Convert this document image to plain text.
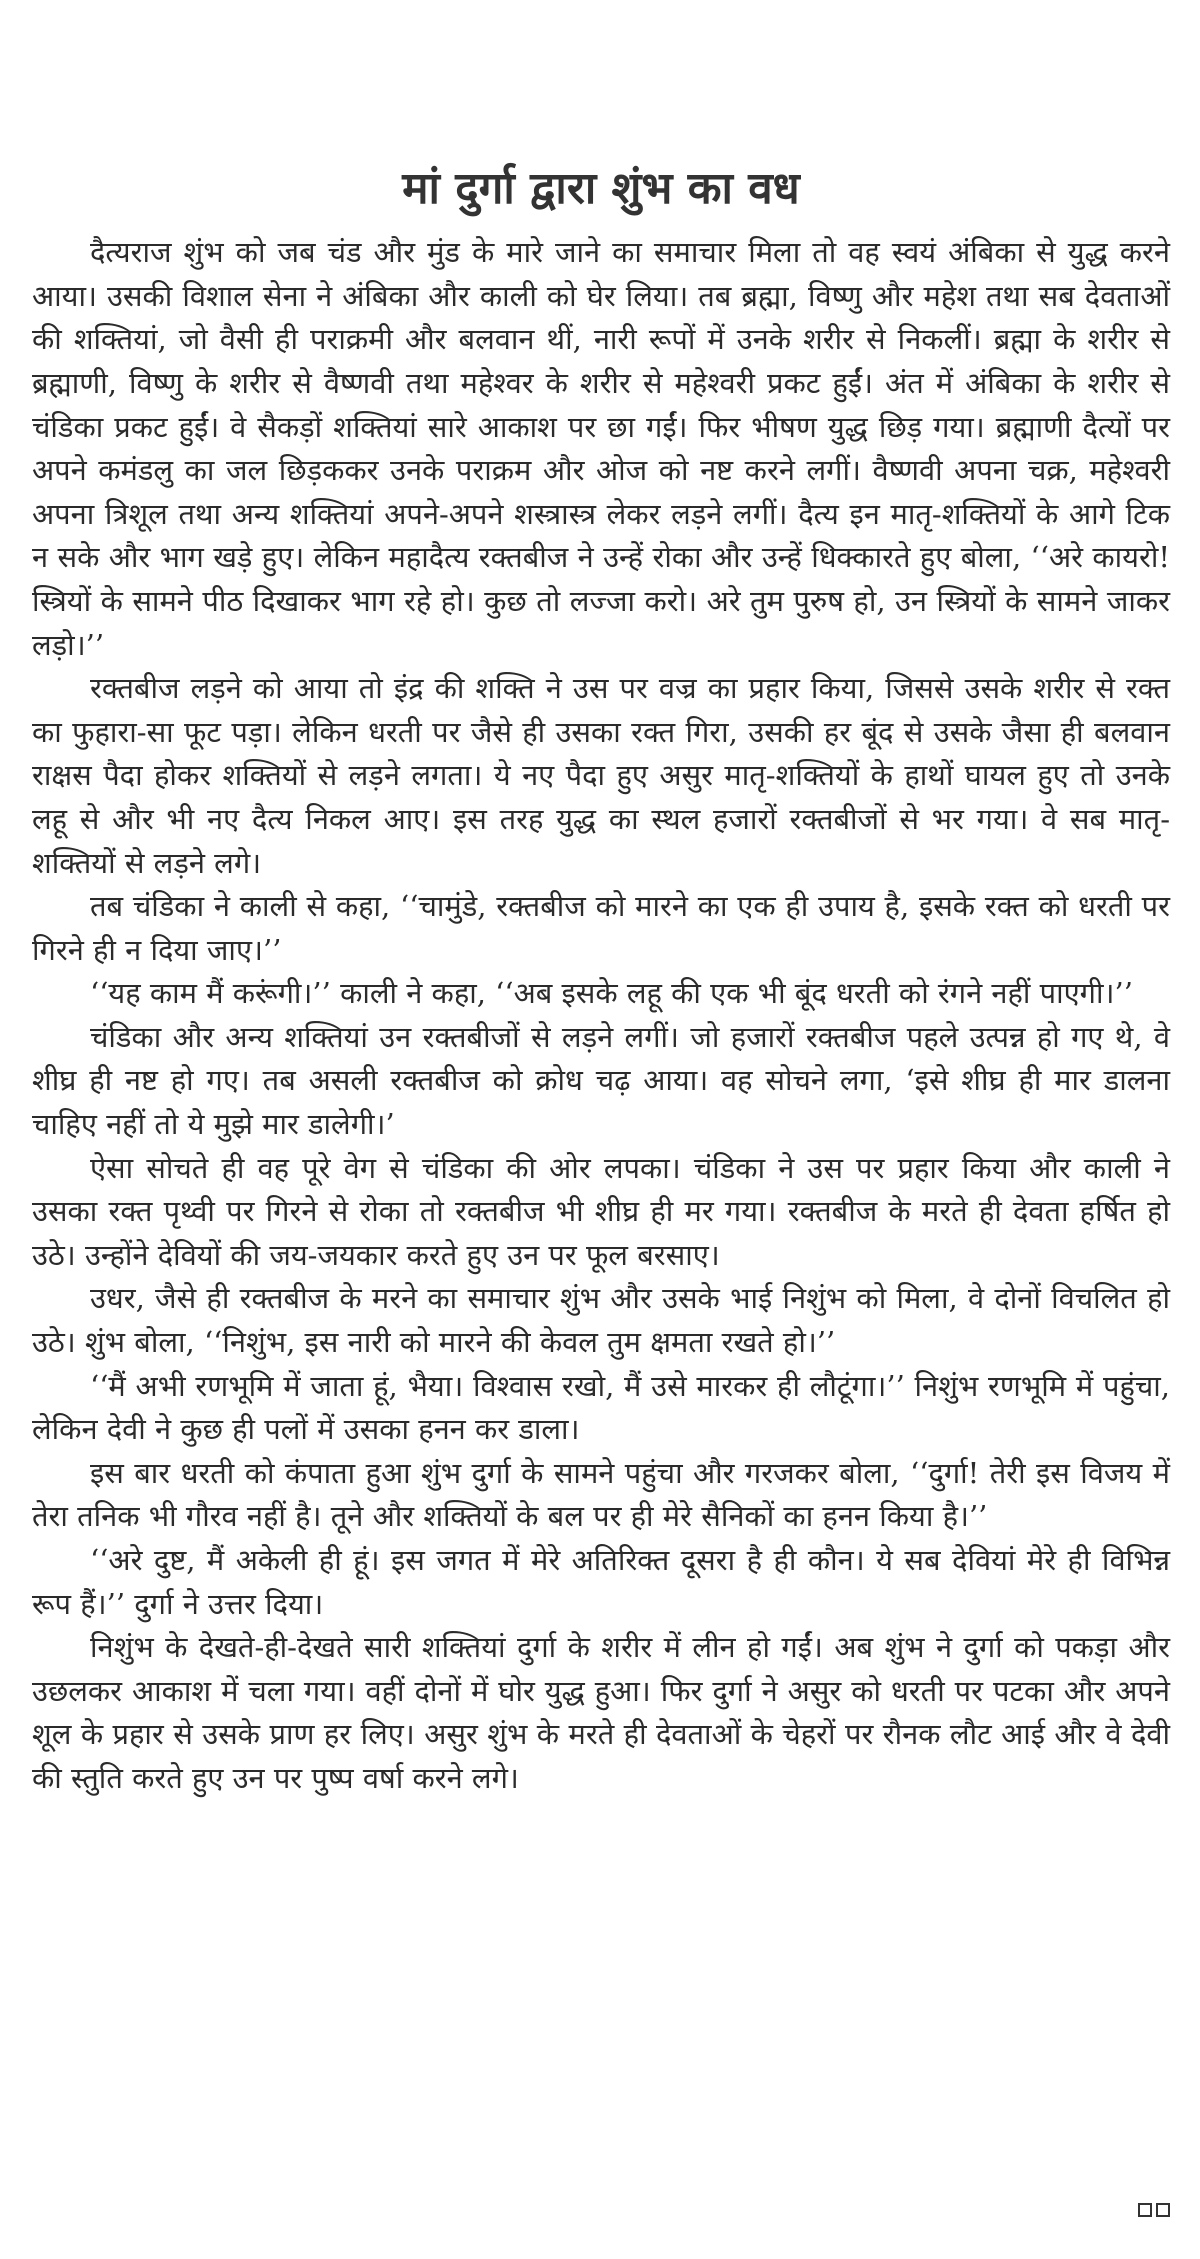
मां दुर्गा द्वारा शुंभ का वध

दैत्यराज शुंभ को जब चंड और मुंड के मारे जाने का समाचार मिला तो वह स्वयं अंबिका से युद्ध करने आया। उसकी विशाल सेना ने अंबिका और काली को घेर लिया। तब ब्रह्मा, विष्णु और महेश तथा सब देवताओं की शक्तियां, जो वैसी ही पराक्रमी और बलवान थीं, नारी रूपों में उनके शरीर से निकलीं। ब्रह्मा के शरीर से ब्रह्माणी, विष्णु के शरीर से वैष्णवी तथा महेश्वर के शरीर से महेश्वरी प्रकट हुईं। अंत में अंबिका के शरीर से चंडिका प्रकट हुईं। वे सैकड़ों शक्तियां सारे आकाश पर छा गईं। फिर भीषण युद्ध छिड़ गया। ब्रह्माणी दैत्यों पर अपने कमंडलु का जल छिड़ककर उनके पराक्रम और ओज को नष्ट करने लगीं। वैष्णवी अपना चक्र, महेश्वरी अपना त्रिशूल तथा अन्य शक्तियां अपने-अपने शस्त्रास्त्र लेकर लड़ने लगीं। दैत्य इन मातृ-शक्तियों के आगे टिक न सके और भाग खड़े हुए। लेकिन महादैत्य रक्तबीज ने उन्हें रोका और उन्हें धिक्कारते हुए बोला, ‘‘अरे कायरो! स्त्रियों के सामने पीठ दिखाकर भाग रहे हो। कुछ तो लज्जा करो। अरे तुम पुरुष हो, उन स्त्रियों के सामने जाकर लड़ो।’’

रक्तबीज लड़ने को आया तो इंद्र की शक्ति ने उस पर वज्र का प्रहार किया, जिससे उसके शरीर से रक्त का फुहारा-सा फूट पड़ा। लेकिन धरती पर जैसे ही उसका रक्त गिरा, उसकी हर बूंद से उसके जैसा ही बलवान राक्षस पैदा होकर शक्तियों से लड़ने लगता। ये नए पैदा हुए असुर मातृ-शक्तियों के हाथों घायल हुए तो उनके लहू से और भी नए दैत्य निकल आए। इस तरह युद्ध का स्थल हजारों रक्तबीजों से भर गया। वे सब मातृ-शक्तियों से लड़ने लगे।

तब चंडिका ने काली से कहा, ‘‘चामुंडे, रक्तबीज को मारने का एक ही उपाय है, इसके रक्त को धरती पर गिरने ही न दिया जाए।’’

‘‘यह काम मैं करूंगी।’’ काली ने कहा, ‘‘अब इसके लहू की एक भी बूंद धरती को रंगने नहीं पाएगी।’’

चंडिका और अन्य शक्तियां उन रक्तबीजों से लड़ने लगीं। जो हजारों रक्तबीज पहले उत्पन्न हो गए थे, वे शीघ्र ही नष्ट हो गए। तब असली रक्तबीज को क्रोध चढ़ आया। वह सोचने लगा, ‘इसे शीघ्र ही मार डालना चाहिए नहीं तो ये मुझे मार डालेगी।’

ऐसा सोचते ही वह पूरे वेग से चंडिका की ओर लपका। चंडिका ने उस पर प्रहार किया और काली ने उसका रक्त पृथ्वी पर गिरने से रोका तो रक्तबीज भी शीघ्र ही मर गया। रक्तबीज के मरते ही देवता हर्षित हो उठे। उन्होंने देवियों की जय-जयकार करते हुए उन पर फूल बरसाए।

उधर, जैसे ही रक्तबीज के मरने का समाचार शुंभ और उसके भाई निशुंभ को मिला, वे दोनों विचलित हो उठे। शुंभ बोला, ‘‘निशुंभ, इस नारी को मारने की केवल तुम क्षमता रखते हो।’’

‘‘मैं अभी रणभूमि में जाता हूं, भैया। विश्वास रखो, मैं उसे मारकर ही लौटूंगा।’’ निशुंभ रणभूमि में पहुंचा, लेकिन देवी ने कुछ ही पलों में उसका हनन कर डाला।

इस बार धरती को कंपाता हुआ शुंभ दुर्गा के सामने पहुंचा और गरजकर बोला, ‘‘दुर्गा! तेरी इस विजय में तेरा तनिक भी गौरव नहीं है। तूने और शक्तियों के बल पर ही मेरे सैनिकों का हनन किया है।’’

‘‘अरे दुष्ट, मैं अकेली ही हूं। इस जगत में मेरे अतिरिक्त दूसरा है ही कौन। ये सब देवियां मेरे ही विभिन्न रूप हैं।’’ दुर्गा ने उत्तर दिया।

निशुंभ के देखते-ही-देखते सारी शक्तियां दुर्गा के शरीर में लीन हो गईं। अब शुंभ ने दुर्गा को पकड़ा और उछलकर आकाश में चला गया। वहीं दोनों में घोर युद्ध हुआ। फिर दुर्गा ने असुर को धरती पर पटका और अपने शूल के प्रहार से उसके प्राण हर लिए। असुर शुंभ के मरते ही देवताओं के चेहरों पर रौनक लौट आई और वे देवी की स्तुति करते हुए उन पर पुष्प वर्षा करने लगे।
